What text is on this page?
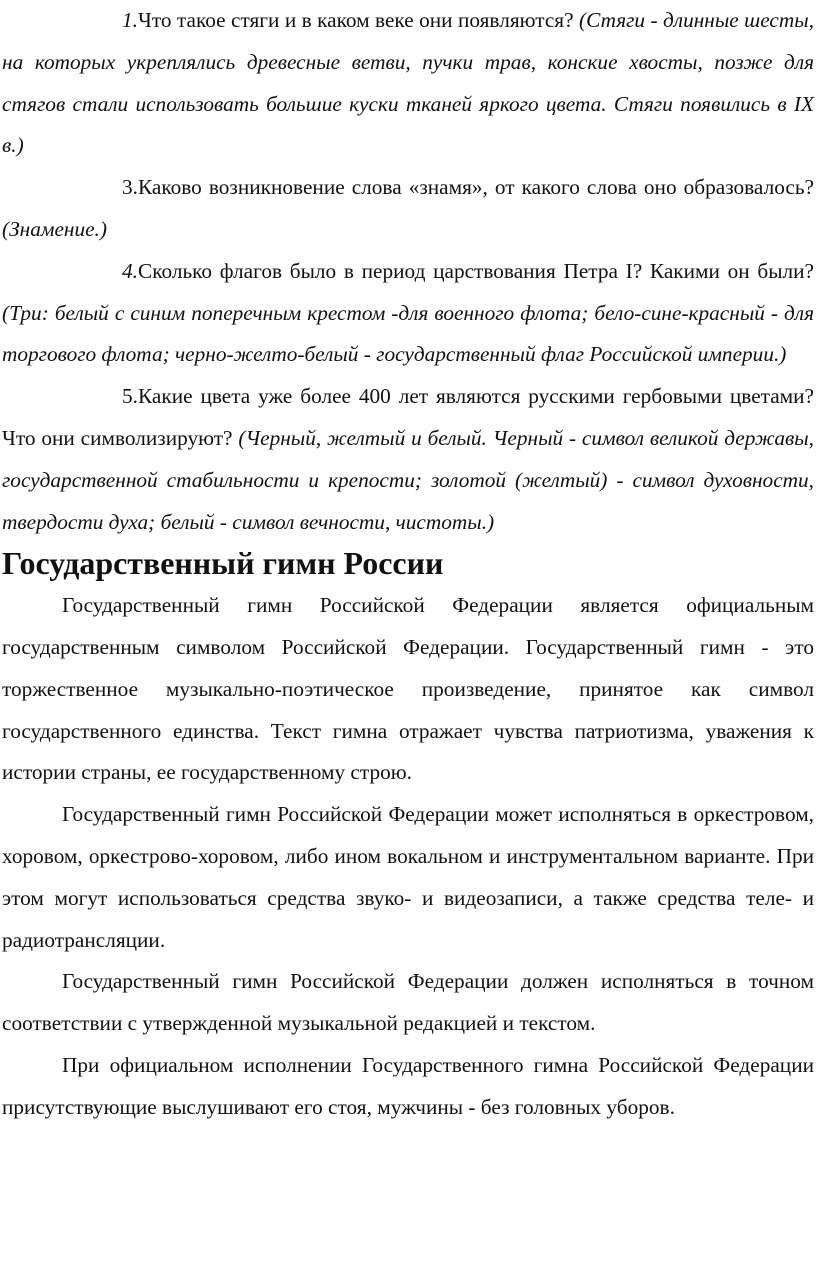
1.Что такое стяги и в каком веке они появляются? (Стяги - длинные шесты, на которых укреплялись древесные ветви, пучки трав, конские хвосты, позже для стягов стали использовать большие куски тканей яркого цвета. Стяги появились в IX в.)

3.Каково возникновение слова «знамя», от какого слова оно образовалось? (Знамение.)

4.Сколько флагов было в период царствования Петра I? Какими он были? (Три: белый с синим поперечным крестом -для военного флота; бело-сине-красный - для торгового флота; черно-желто-белый - государственный флаг Российской империи.)

5.Какие цвета уже более 400 лет являются русскими гербовыми цветами? Что они символизируют? (Черный, желтый и белый. Черный - символ великой державы, государственной стабильности и крепости; золотой (желтый) - символ духовности, твердости духа; белый - символ вечности, чистоты.)

Государственный гимн России

Государственный гимн Российской Федерации является официальным государственным символом Российской Федерации. Государственный гимн - это торжественное музыкально-поэтическое произведение, принятое как символ государственного единства. Текст гимна отражает чувства патриотизма, уважения к истории страны, ее государственному строю.

Государственный гимн Российской Федерации может исполняться в оркестровом, хоровом, оркестрово-хоровом, либо ином вокальном и инструментальном варианте. При этом могут использоваться средства звуко- и видеозаписи, а также средства теле- и радиотрансляции.

Государственный гимн Российской Федерации должен исполняться в точном соответствии с утвержденной музыкальной редакцией и текстом.

При официальном исполнении Государственного гимна Российской Федерации присутствующие выслушивают его стоя, мужчины - без головных уборов.
